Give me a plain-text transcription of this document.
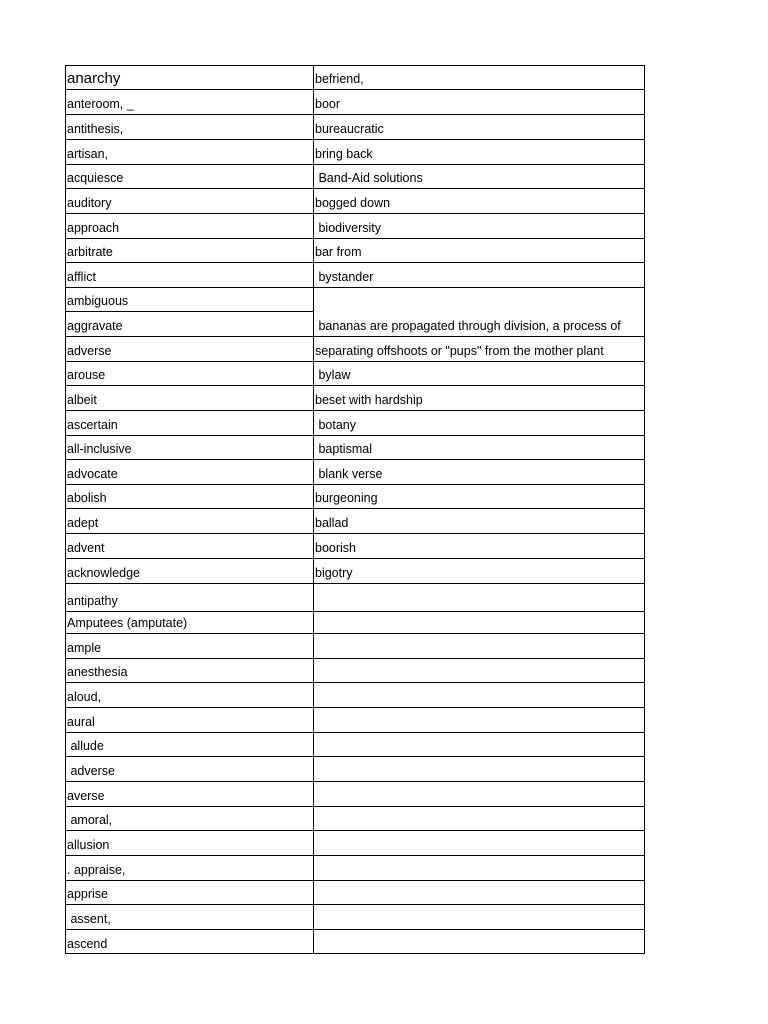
bigotry
boorish
ballad
burgeoning
blank verse
baptismal
botany
beset with hardship
bylaw
separating offshoots or "pups" from the mother plant
bananas are propagated through division, a process of
bystander
bar from
biodiversity
bogged down
Band-Aid solutions
bring back
bureaucratic
boor
befriend,
ascend
assent,
apprise
. appraise,
allusion
amoral,
averse
adverse
allude
aural
aloud,
anesthesia
ample
Amputees (amputate)
antipathy
acknowledge
advent
adept
abolish
advocate
all-inclusive
ascertain
albeit
arouse
adverse
aggravate
ambiguous
afflict
arbitrate
approach
auditory
acquiesce
artisan,
antithesis,
anteroom, _
anarchy
